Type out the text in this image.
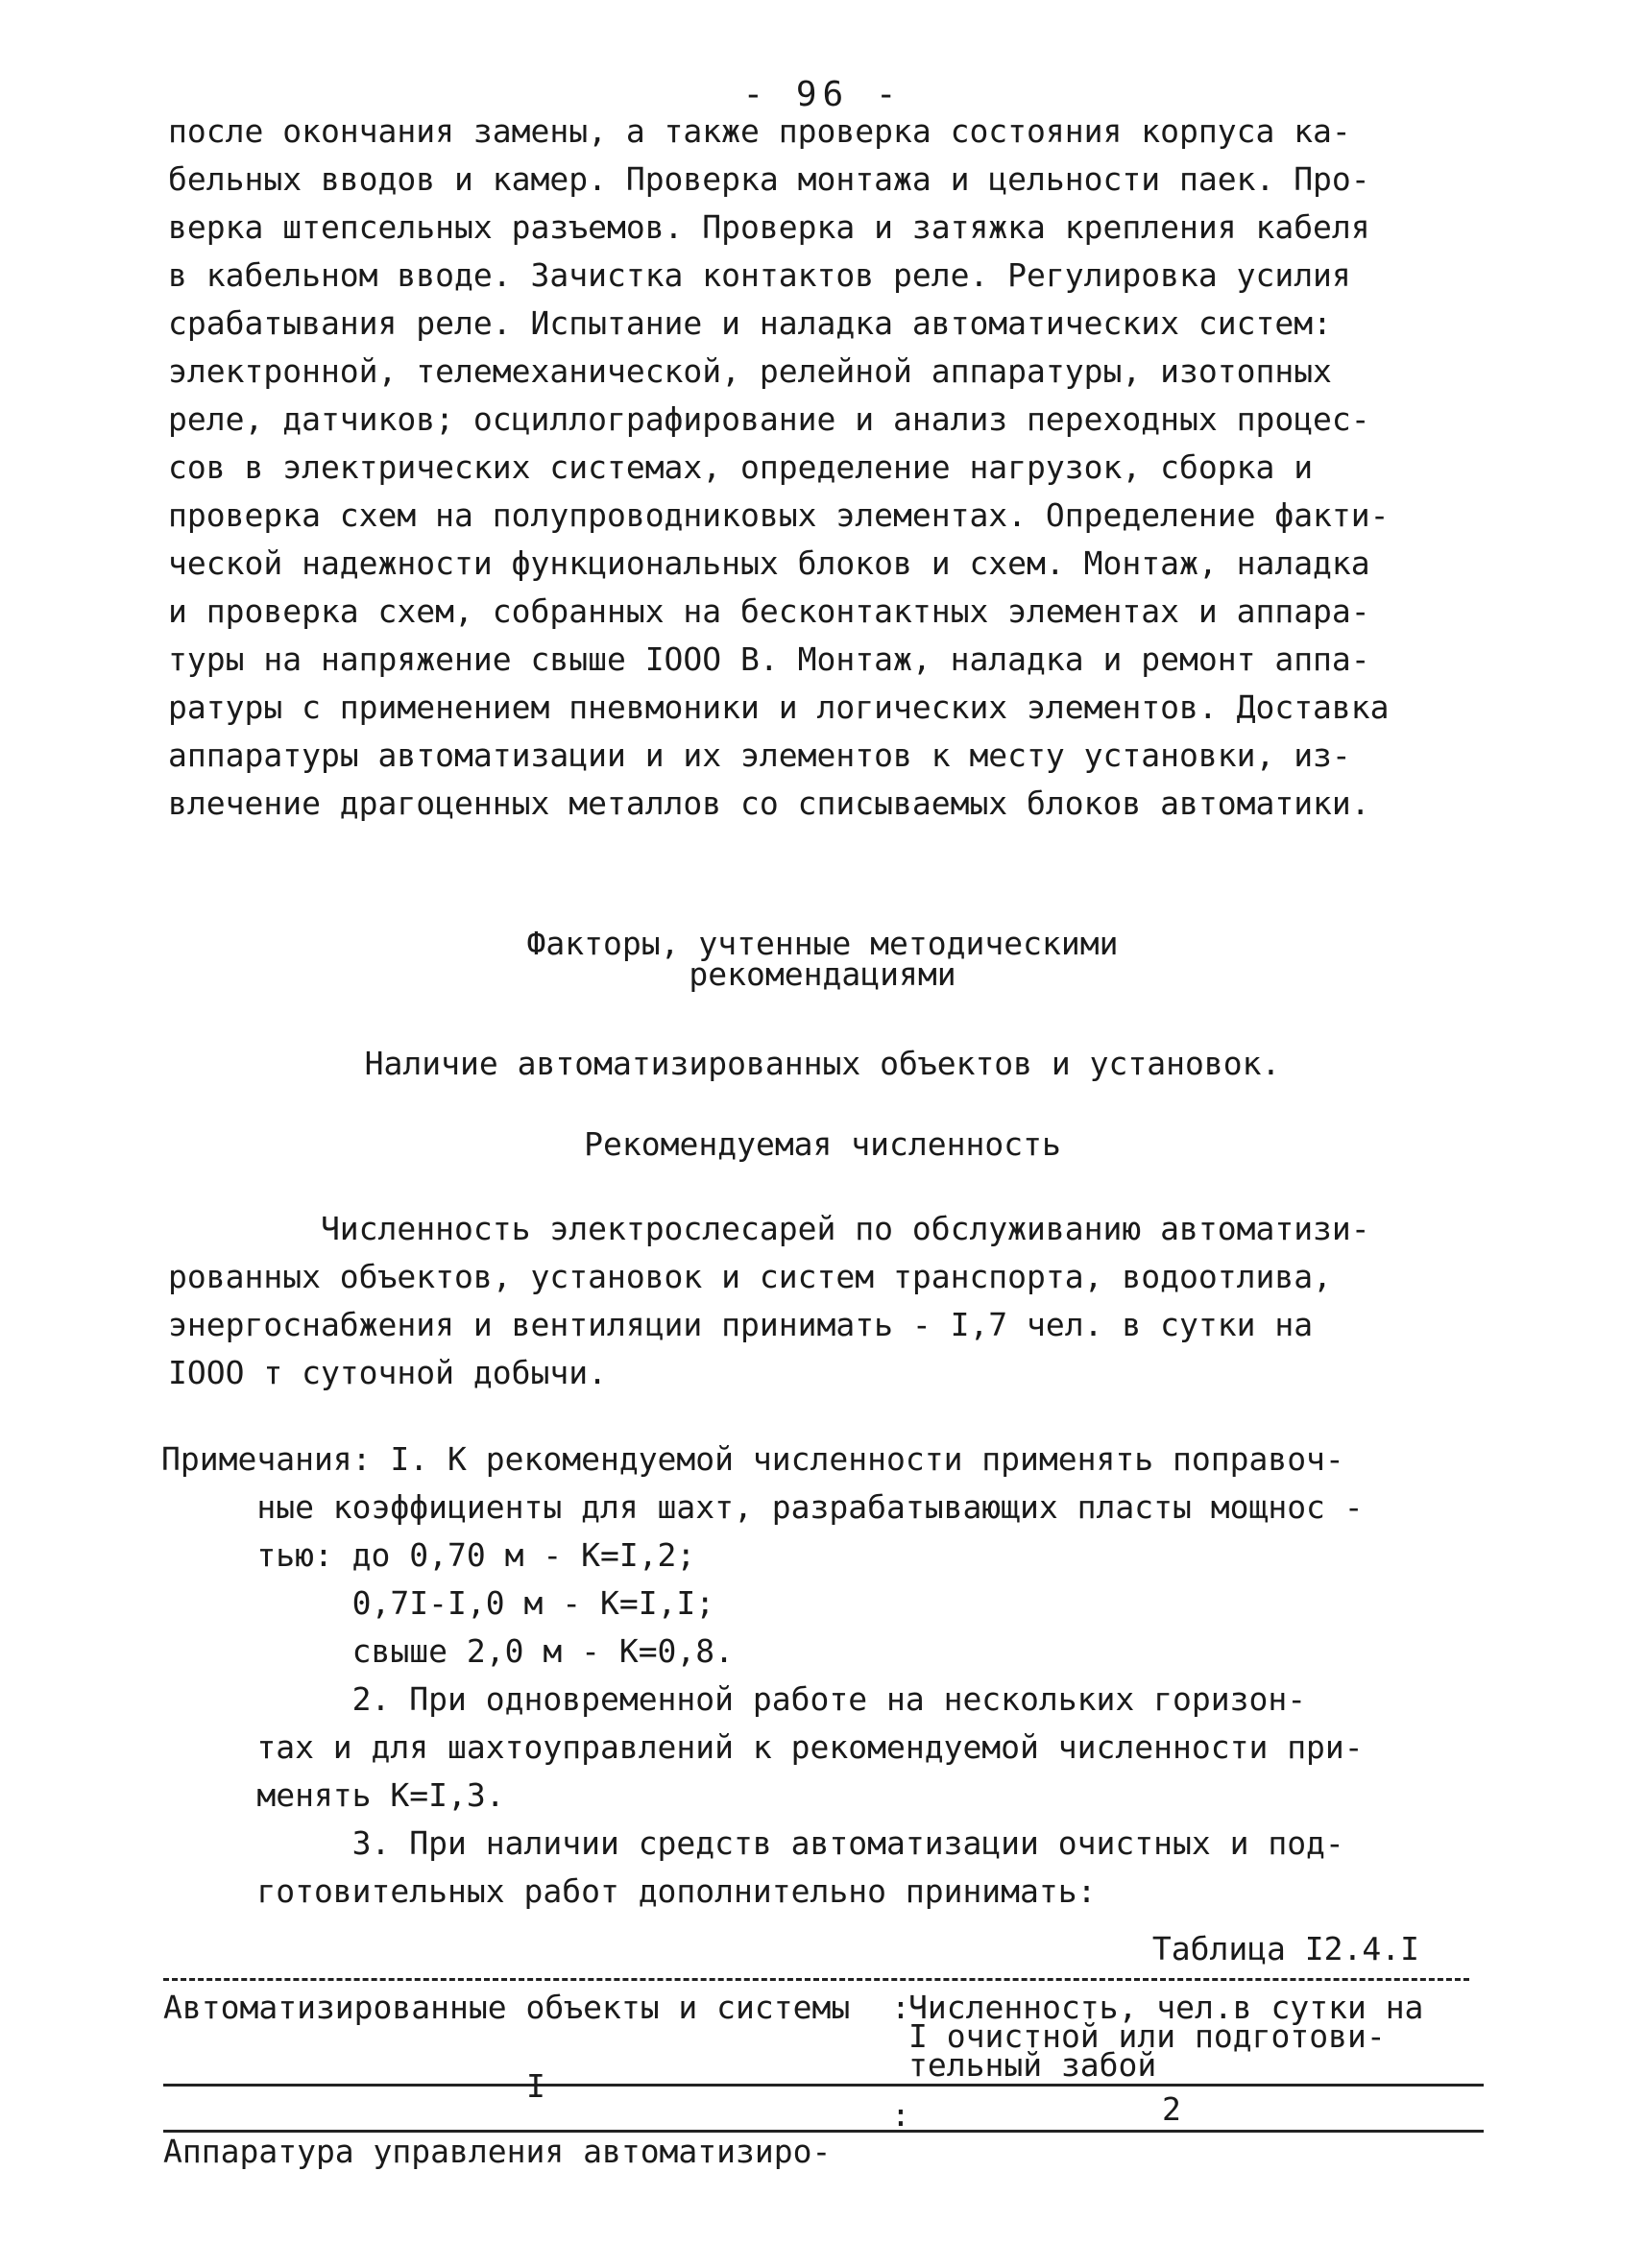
- 96 -
после окончания замены, а также проверка состояния корпуса ка-
бельных вводов и камер. Проверка монтажа и цельности паек. Про-
верка штепсельных разъемов. Проверка и затяжка крепления кабеля
в кабельном вводе. Зачистка контактов реле. Регулировка усилия
срабатывания реле. Испытание и наладка автоматических систем:
электронной, телемеханической, релейной аппаратуры, изотопных
реле, датчиков; осциллографирование и анализ переходных процес-
сов в электрических системах, определение нагрузок, сборка и
проверка схем на полупроводниковых элементах. Определение факти-
ческой надежности функциональных блоков и схем. Монтаж, наладка
и проверка схем, собранных на бесконтактных элементах и аппара-
туры на напряжение свыше IOOO В. Монтаж, наладка и ремонт аппа-
ратуры с применением пневмоники и логических элементов. Доставка
аппаратуры автоматизации и их элементов к месту установки, из-
влечение драгоценных металлов со списываемых блоков автоматики.
Факторы, учтенные методическими
рекомендациями
Наличие автоматизированных объектов и установок.
Рекомендуемая численность
Численность электрослесарей по обслуживанию автоматизи-
рованных объектов, установок и систем транспорта, водоотлива,
энергоснабжения и вентиляции принимать - I,7 чел. в сутки на
IOOO т суточной добычи.
Примечания: I. К рекомендуемой численности применять поправоч-
ные коэффициенты для шахт, разрабатывающих пласты мощнос -
тью: до 0,70 м - К=I,2;
0,7I-I,0 м - К=I,I;
свыше 2,0 м - К=0,8.
2. При одновременной работе на нескольких горизон-
тах и для шахтоуправлений к рекомендуемой численности при-
менять К=I,3.
3. При наличии средств автоматизации очистных и под-
готовительных работ дополнительно принимать:
Таблица I2.4.I
Автоматизированные объекты и системы :
Численность, чел.в сутки на
I очистной или подготови-
тельный забой
I
:	2
Аппаратура управления автоматизиро-
